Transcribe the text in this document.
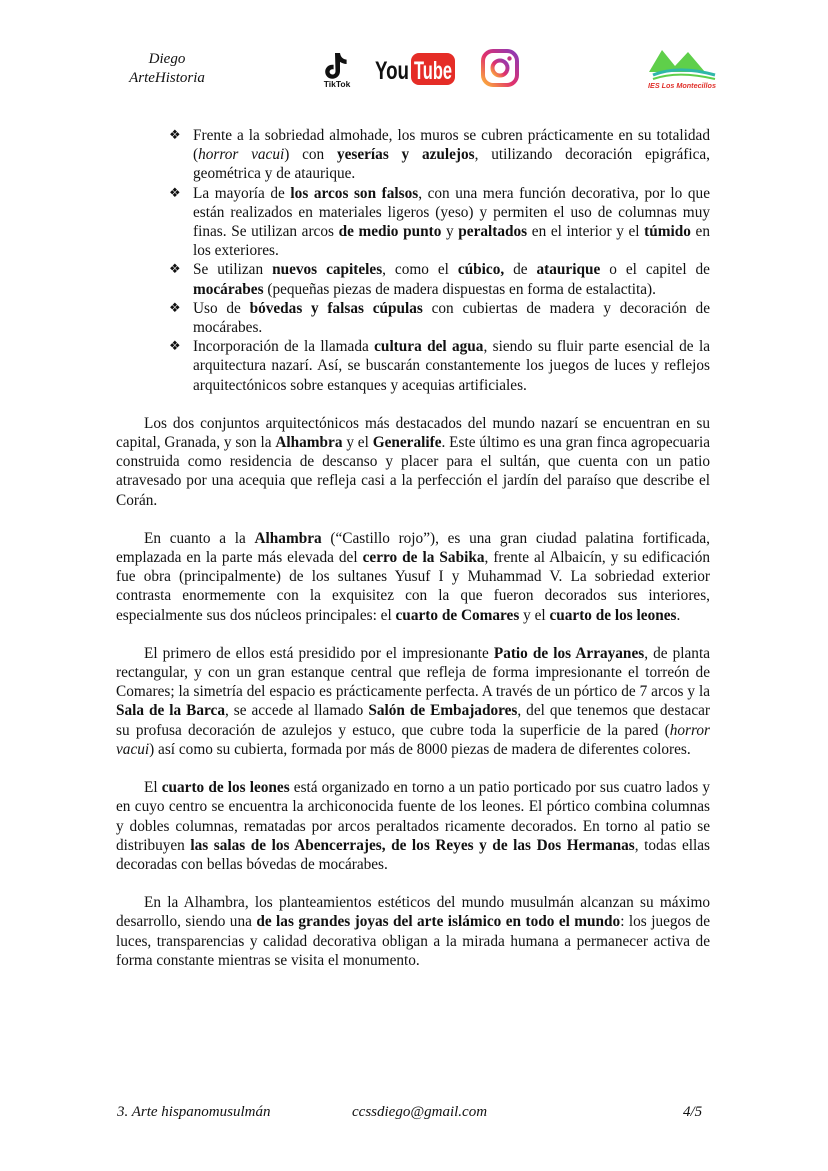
Diego
ArteHistoria	TikTok You Tube
IES Los Montecillos
❖ Frente a la sobriedad almohade, los muros se cubren prácticamente en su totalidad (horror vacui) con yeserías y azulejos, utilizando decoración epigráfica, geométrica y de ataurique.
❖ La mayoría de los arcos son falsos, con una mera función decorativa, por lo que están realizados en materiales ligeros (yeso) y permiten el uso de columnas muy finas. Se utilizan arcos de medio punto y peraltados en el interior y el túmido en los exteriores.
❖ Se utilizan nuevos capiteles, como el cúbico, de ataurique o el capitel de mocárabes (pequeñas piezas de madera dispuestas en forma de estalactita).
❖ Uso de bóvedas y falsas cúpulas con cubiertas de madera y decoración de mocárabes.
❖ Incorporación de la llamada cultura del agua, siendo su fluir parte esencial de la arquitectura nazarí. Así, se buscarán constantemente los juegos de luces y reflejos arquitectónicos sobre estanques y acequias artificiales.

Los dos conjuntos arquitectónicos más destacados del mundo nazarí se encuentran en su capital, Granada, y son la Alhambra y el Generalife. Este último es una gran finca agropecuaria construida como residencia de descanso y placer para el sultán, que cuenta con un patio atravesado por una acequia que refleja casi a la perfección el jardín del paraíso que describe el Corán.

En cuanto a la Alhambra (“Castillo rojo”), es una gran ciudad palatina fortificada, emplazada en la parte más elevada del cerro de la Sabika, frente al Albaicín, y su edificación fue obra (principalmente) de los sultanes Yusuf I y Muhammad V. La sobriedad exterior contrasta enormemente con la exquisitez con la que fueron decorados sus interiores, especialmente sus dos núcleos principales: el cuarto de Comares y el cuarto de los leones.

El primero de ellos está presidido por el impresionante Patio de los Arrayanes, de planta rectangular, y con un gran estanque central que refleja de forma impresionante el torreón de Comares; la simetría del espacio es prácticamente perfecta. A través de un pórtico de 7 arcos y la Sala de la Barca, se accede al llamado Salón de Embajadores, del que tenemos que destacar su profusa decoración de azulejos y estuco, que cubre toda la superficie de la pared (horror vacui) así como su cubierta, formada por más de 8000 piezas de madera de diferentes colores.

El cuarto de los leones está organizado en torno a un patio porticado por sus cuatro lados y en cuyo centro se encuentra la archiconocida fuente de los leones. El pórtico combina columnas y dobles columnas, rematadas por arcos peraltados ricamente decorados. En torno al patio se distribuyen las salas de los Abencerrajes, de los Reyes y de las Dos Hermanas, todas ellas decoradas con bellas bóvedas de mocárabes.

En la Alhambra, los planteamientos estéticos del mundo musulmán alcanzan su máximo desarrollo, siendo una de las grandes joyas del arte islámico en todo el mundo: los juegos de luces, transparencias y calidad decorativa obligan a la mirada humana a permanecer activa de forma constante mientras se visita el monumento.

3. Arte hispanomusulmán	ccssdiego@gmail.com	4/5
